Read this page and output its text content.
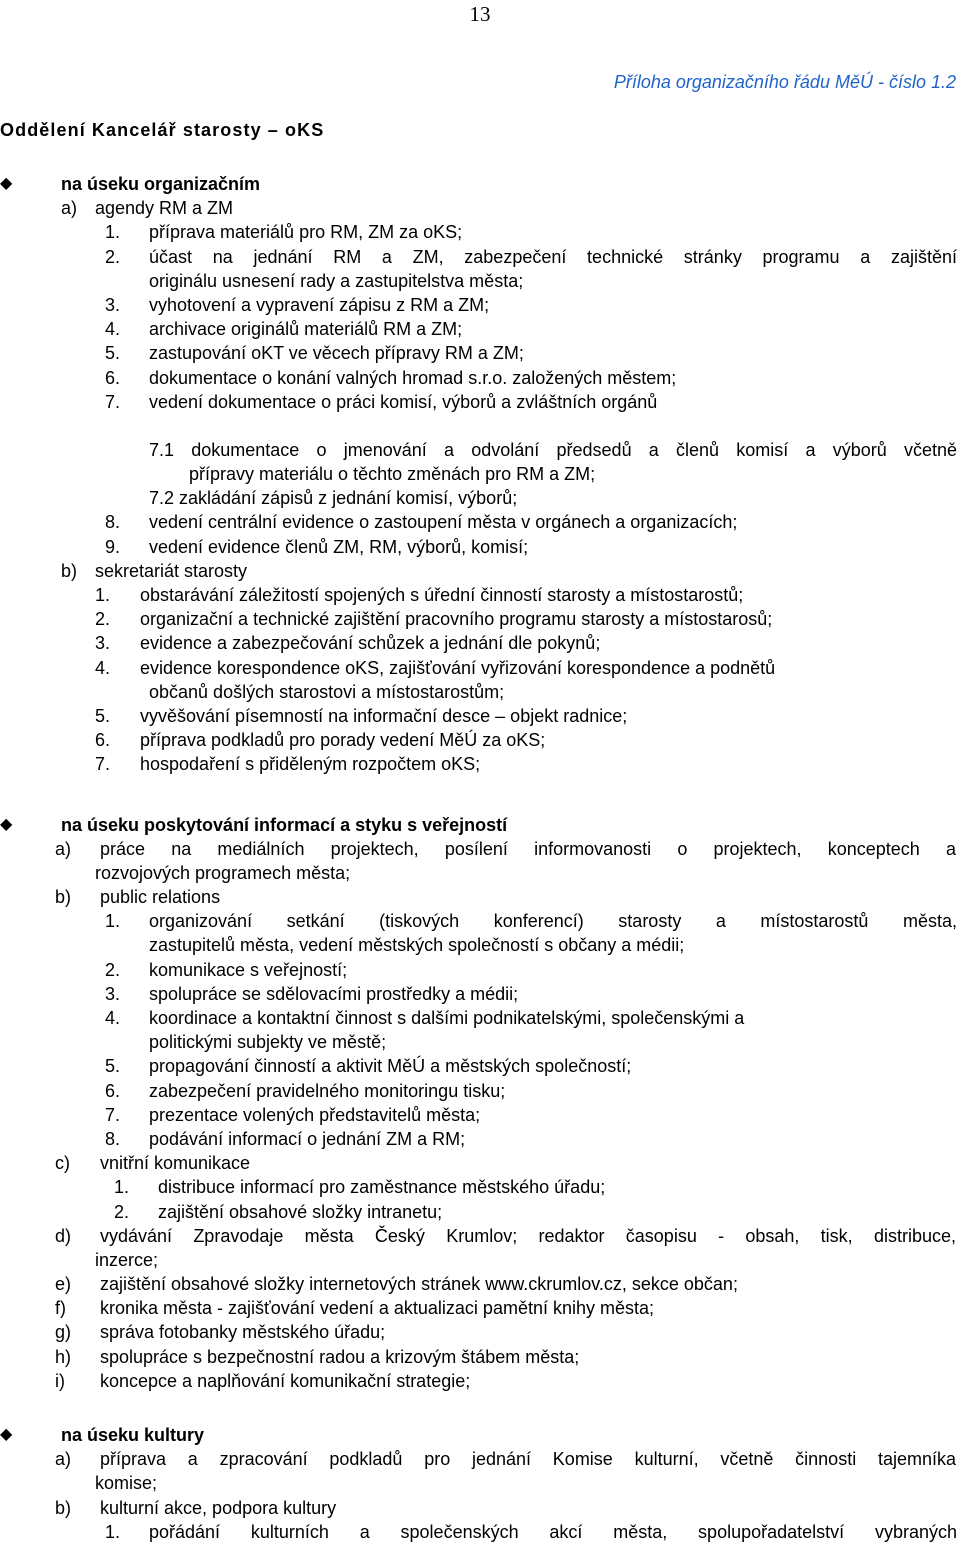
13
Příloha organizačního řádu MěÚ - číslo 1.2
Oddělení Kancelář starosty – oKS
◆	na úseku organizačním
a) agendy RM a ZM
1. příprava materiálů pro RM, ZM za oKS;
2. účast na jednání RM a ZM, zabezpečení technické stránky programu a zajištění
originálu usnesení rady a zastupitelstva města;
3. vyhotovení a vypravení zápisu z RM a ZM;
4. archivace originálů materiálů RM a ZM;
5. zastupování oKT ve věcech přípravy RM a ZM;
6. dokumentace o konání valných hromad s.r.o. založených městem;
7. vedení dokumentace o práci komisí, výborů a zvláštních orgánů
7.1 dokumentace o jmenování a odvolání předsedů a členů komisí a výborů včetně
přípravy materiálu o těchto změnách pro RM a ZM;
7.2 zakládání zápisů z jednání komisí, výborů;
8. vedení centrální evidence o zastoupení města v orgánech a organizacích;
9. vedení evidence členů ZM, RM, výborů, komisí;
b) sekretariát starosty
1. obstarávání záležitostí spojených s úřední činností starosty a místostarostů;
2. organizační a technické zajištění pracovního programu starosty a místostarosů;
3. evidence a zabezpečování schůzek a jednání dle pokynů;
4. evidence korespondence oKS, zajišťování vyřizování korespondence a podnětů
občanů došlých starostovi a místostarostům;
5. vyvěšování písemností na informační desce – objekt radnice;
6. příprava podkladů pro porady vedení MěÚ za oKS;
7. hospodaření s přiděleným rozpočtem oKS;
◆	na úseku poskytování informací a styku s veřejností
a) práce na mediálních projektech, posílení informovanosti o projektech, konceptech a
rozvojových programech města;
b) public relations
1. organizování setkání (tiskových konferencí) starosty a místostarostů města,
zastupitelů města, vedení městských společností s občany a médii;
2. komunikace s veřejností;
3. spolupráce se sdělovacími prostředky a médii;
4. koordinace a kontaktní činnost s dalšími podnikatelskými, společenskými a
politickými subjekty ve městě;
5. propagování činností a aktivit MěÚ a městských společností;
6. zabezpečení pravidelného monitoringu tisku;
7. prezentace volených představitelů města;
8. podávání informací o jednání ZM a RM;
c) vnitřní komunikace
1. distribuce informací pro zaměstnance městského úřadu;
2. zajištění obsahové složky intranetu;
d) vydávání Zpravodaje města Český Krumlov; redaktor časopisu - obsah, tisk, distribuce,
inzerce;
e) zajištění obsahové složky internetových stránek www.ckrumlov.cz, sekce občan;
f) kronika města - zajišťování vedení a aktualizaci pamětní knihy města;
g) správa fotobanky městského úřadu;
h) spolupráce s bezpečnostní radou a krizovým štábem města;
i) koncepce a naplňování komunikační strategie;
◆	na úseku kultury
a) příprava a zpracování podkladů pro jednání Komise kulturní, včetně činnosti tajemníka
komise;
b) kulturní akce, podpora kultury
1. pořádání kulturních a společenských akcí města, spolupořadatelství vybraných
